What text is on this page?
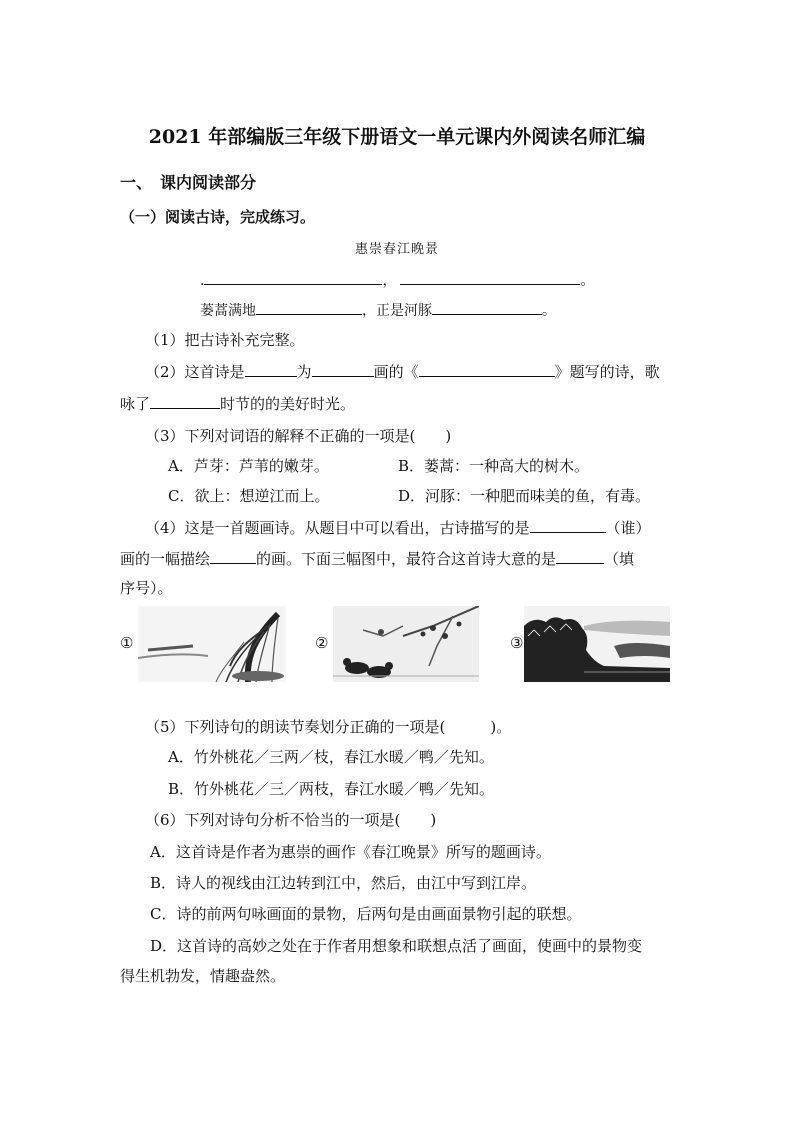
2021 年部编版三年级下册语文一单元课内外阅读名师汇编
一、　课内阅读部分
（一）阅读古诗，完成练习。
惠崇春江晚景
.	，	。
蒌蒿满地	，正是河豚	。
（1）把古诗补充完整。
（2）这首诗是	为	画的《	》题写的诗，歌
咏了	时节的的美好时光。
（3）下列对词语的解释不正确的一项是(　　)
A．芦芽：芦苇的嫩芽。	B．蒌蒿：一种高大的树木。
C．欲上：想逆江而上。	D．河豚：一种肥而味美的鱼，有毒。
（4）这是一首题画诗。从题目中可以看出，古诗描写的是	（谁）
画的一幅描绘	的画。下面三幅图中，最符合这首诗大意的是	（填
序号）。
①	②	③
（5）下列诗句的朗读节奏划分正确的一项是(　　　)。
A．竹外桃花／三两／枝，春江水暖／鸭／先知。
B．竹外桃花／三／两枝，春江水暖／鸭／先知。
（6）下列对诗句分析不恰当的一项是(　　)
A．这首诗是作者为惠崇的画作《春江晚景》所写的题画诗。
B．诗人的视线由江边转到江中，然后，由江中写到江岸。
C．诗的前两句咏画面的景物，后两句是由画面景物引起的联想。
D．这首诗的高妙之处在于作者用想象和联想点活了画面，使画中的景物变
得生机勃发，情趣盎然。
